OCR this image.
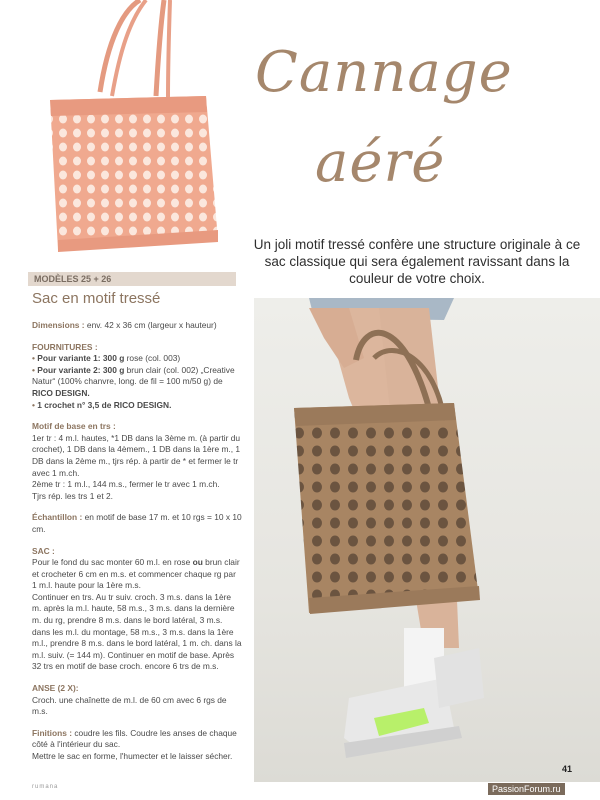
Cannage
aéré
Un joli motif tressé confère une structure originale à ce sac classique qui sera également ravissant dans la couleur de votre choix.
MODÈLES 25 + 26
Sac en motif tressé

Dimensions : env. 42 x 36 cm (largeur x hauteur)

FOURNITURES :

• Pour variante 1: 300 g rose (col. 003)

• Pour variante 2: 300 g brun clair (col. 002) „Creative Natur“ (100% chanvre, long. de fil = 100 m/50 g) de RICO DESIGN.

• 1 crochet n° 3,5 de RICO DESIGN.

Motif de base en trs :

1er tr : 4 m.l. hautes, *1 DB dans la 3ème m. (à partir du crochet), 1 DB dans la 4èmem., 1 DB dans la 1ère m., 1 DB dans la 2ème m., tjrs rép. à partir de * et fermer le tr avec 1 m.ch.

2ème tr : 1 m.l., 144 m.s., fermer le tr avec 1 m.ch.

Tjrs rép. les trs 1 et 2.

Échantillon : en motif de base 17 m. et 10 rgs = 10 x 10 cm.

SAC :

Pour le fond du sac monter 60 m.l. en rose ou brun clair et crocheter 6 cm en m.s. et commencer chaque rg par 1 m.l. haute pour la 1ère m.s.

Continuer en trs. Au tr suiv. croch. 3 m.s. dans la 1ère m. après la m.l. haute, 58 m.s., 3 m.s. dans la dernière m. du rg, prendre 8 m.s. dans le bord latéral, 3 m.s. dans les m.l. du montage, 58 m.s., 3 m.s. dans la 1ère m.l., prendre 8 m.s. dans le bord latéral, 1 m. ch. dans la m.l. suiv. (= 144 m). Continuer en motif de base. Après 32 trs en motif de base croch. encore 6 trs de m.s.

ANSE (2 X):

Croch. une chaînette de m.l. de 60 cm avec 6 rgs de m.s.

Finitions : coudre les fils. Coudre les anses de chaque côté à l'intérieur du sac.

Mettre le sac en forme, l'humecter et le laisser sécher.

41
rumana	PassionForum.ru
